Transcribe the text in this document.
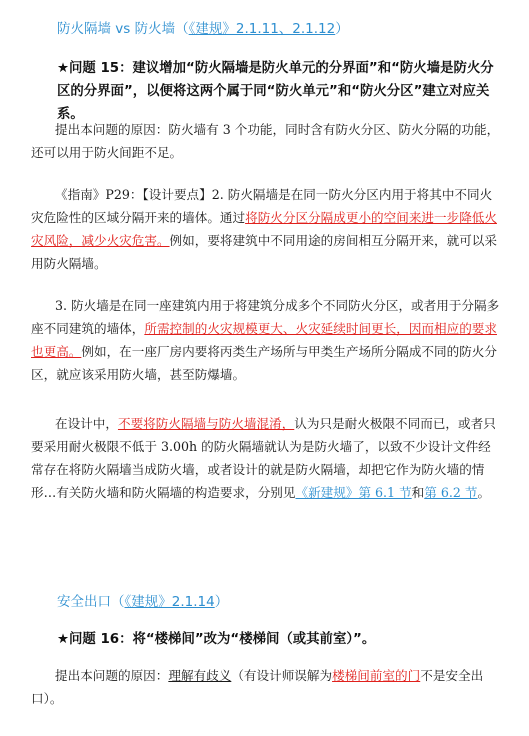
防火隔墙 vs 防火墙（《建规》2.1.11、2.1.12）
★问题 15：建议增加“防火隔墙是防火单元的分界面”和“防火墙是防火分区的分界面”，以便将这两个属于同“防火单元”和“防火分区”建立对应关系。
提出本问题的原因：防火墙有 3 个功能，同时含有防火分区、防火分隔的功能，还可以用于防火间距不足。
《指南》P29：【设计要点】2. 防火隔墙是在同一防火分区内用于将其中不同火灾危险性的区域分隔开来的墙体。通过将防火分区分隔成更小的空间来进一步降低火灾风险，减少火灾危害。例如，要将建筑中不同用途的房间相互分隔开来，就可以采用防火隔墙。
3. 防火墙是在同一座建筑内用于将建筑分成多个不同防火分区，或者用于分隔多座不同建筑的墙体，所需控制的火灾规模更大、火灾延续时间更长，因而相应的要求也更高。例如，在一座厂房内要将丙类生产场所与甲类生产场所分隔成不同的防火分区，就应该采用防火墙，甚至防爆墙。
在设计中，不要将防火隔墙与防火墙混淆，认为只是耐火极限不同而已，或者只要采用耐火极限不低于 3.00h 的防火隔墙就认为是防火墙了，以致不少设计文件经常存在将防火隔墙当成防火墙，或者设计的就是防火隔墙，却把它作为防火墙的情形…有关防火墙和防火隔墙的构造要求，分别见《新建规》第 6.1 节和第 6.2 节。
安全出口（《建规》2.1.14）
★问题 16：将“楼梯间”改为“楼梯间（或其前室）”。
提出本问题的原因：理解有歧义（有设计师误解为楼梯间前室的门不是安全出口）。
